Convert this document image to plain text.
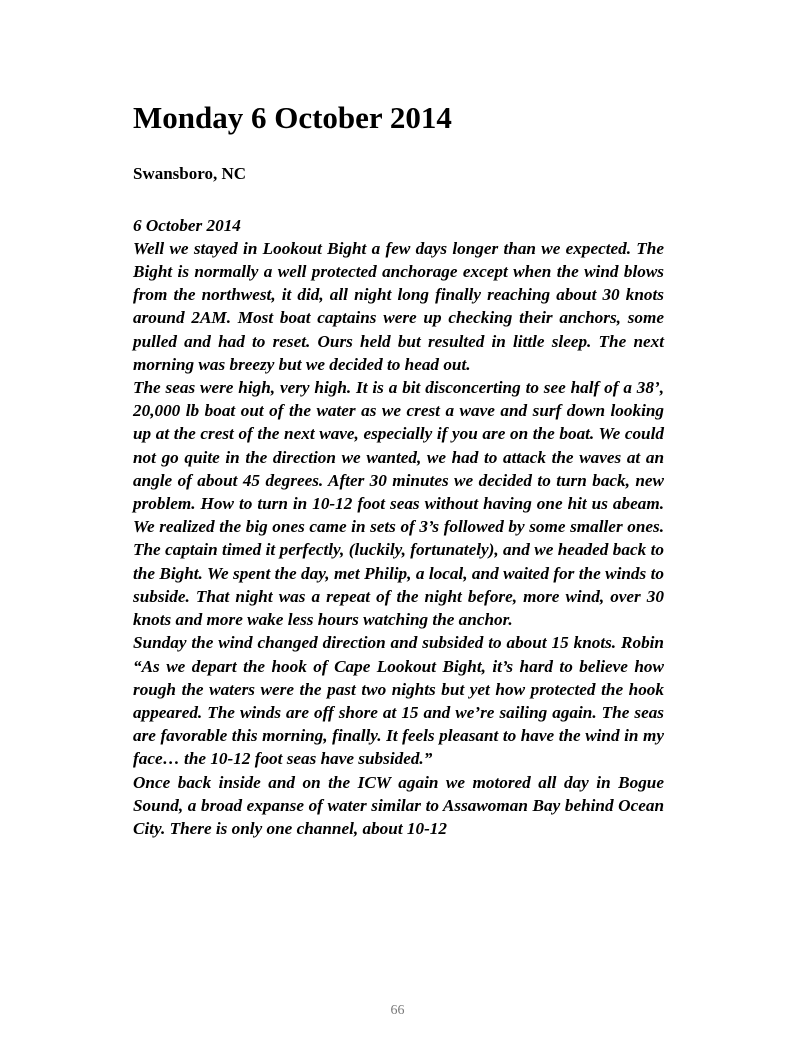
Monday 6 October 2014
Swansboro, NC

6 October 2014

Well we stayed in Lookout Bight a few days longer than we expected. The Bight is normally a well protected anchorage except when the wind blows from the northwest, it did, all night long finally reaching about 30 knots around 2AM. Most boat captains were up checking their anchors, some pulled and had to reset. Ours held but resulted in little sleep. The next morning was breezy but we decided to head out.

The seas were high, very high. It is a bit disconcerting to see half of a 38’, 20,000 lb boat out of the water as we crest a wave and surf down looking up at the crest of the next wave, especially if you are on the boat. We could not go quite in the direction we wanted, we had to attack the waves at an angle of about 45 degrees. After 30 minutes we decided to turn back, new problem. How to turn in 10-12 foot seas without having one hit us abeam. We realized the big ones came in sets of 3’s followed by some smaller ones. The captain timed it perfectly, (luckily, fortunately), and we headed back to the Bight. We spent the day, met Philip, a local, and waited for the winds to subside. That night was a repeat of the night before, more wind, over 30 knots and more wake less hours watching the anchor.

Sunday the wind changed direction and subsided to about 15 knots. Robin “As we depart the hook of Cape Lookout Bight, it’s hard to believe how rough the waters were the past two nights but yet how protected the hook appeared. The winds are off shore at 15 and we’re sailing again. The seas are favorable this morning, finally. It feels pleasant to have the wind in my face… the 10-12 foot seas have subsided.”

Once back inside and on the ICW again we motored all day in Bogue Sound, a broad expanse of water similar to Assawoman Bay behind Ocean City. There is only one channel, about 10-12

66
